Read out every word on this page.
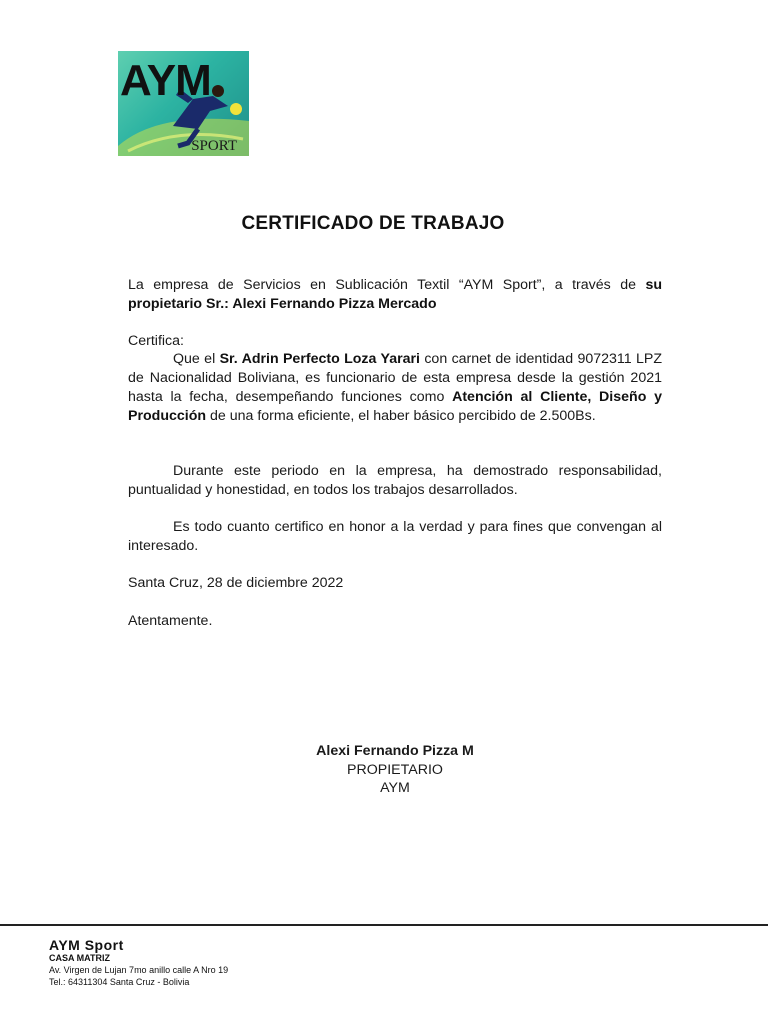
AYM
SPORT
CERTIFICADO DE TRABAJO
La empresa de Servicios en Sublicación Textil “AYM Sport”, a través de su propietario Sr.: Alexi Fernando Pizza Mercado
Certifica:
Que el Sr. Adrin Perfecto Loza Yarari con carnet de identidad 9072311 LPZ de Nacionalidad Boliviana, es funcionario de esta empresa desde la gestión 2021 hasta la fecha, desempeñando funciones como Atención al Cliente, Diseño y Producción de una forma eficiente, el haber básico percibido de 2.500Bs.
Durante este periodo en la empresa, ha demostrado responsabilidad, puntualidad y honestidad, en todos los trabajos desarrollados.
Es todo cuanto certifico en honor a la verdad y para fines que convengan al interesado.
Santa Cruz, 28 de diciembre 2022
Atentamente.
Alexi Fernando Pizza M
PROPIETARIO
AYM
AYM Sport
CASA MATRIZ
Av. Virgen de Lujan 7mo anillo calle A Nro 19
Tel.: 64311304 Santa Cruz - Bolivia
